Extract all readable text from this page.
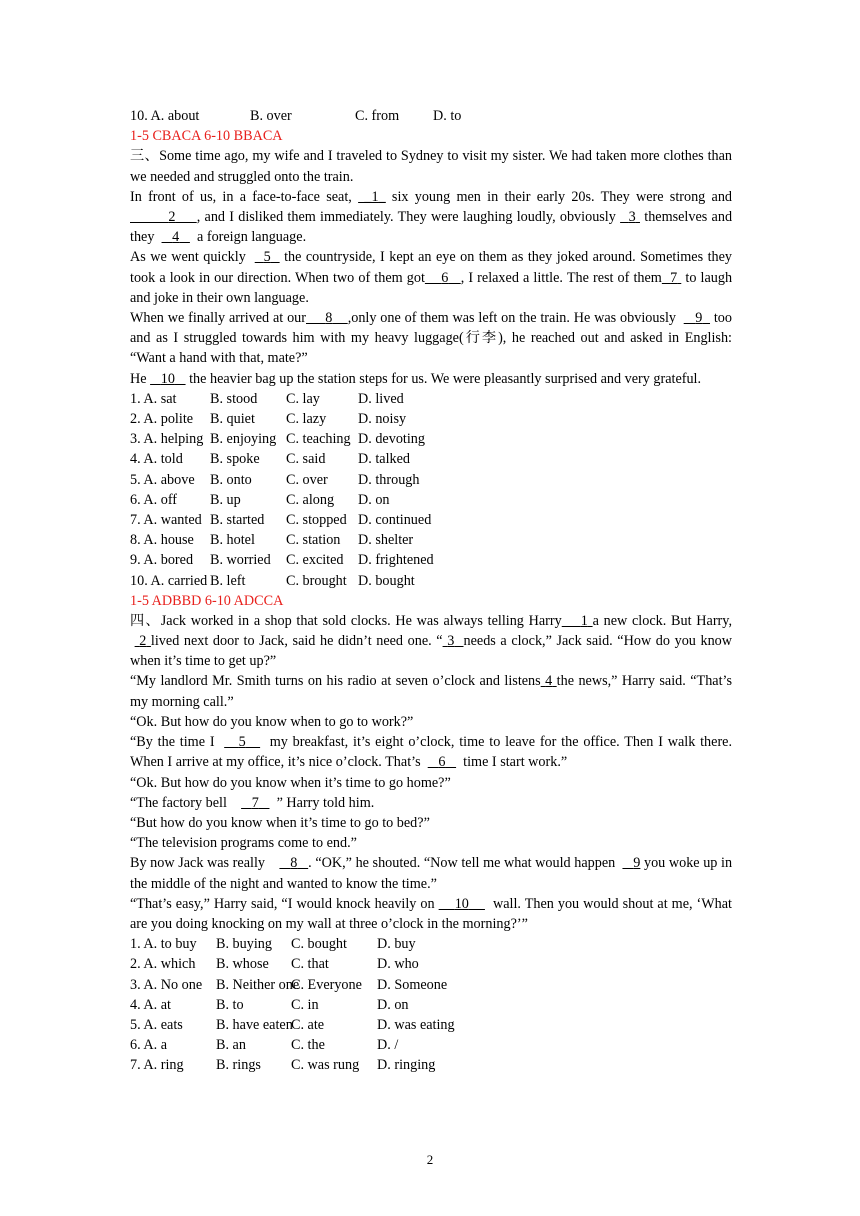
10. A. about	B. over	C. from D. to
1-5 CBACA 6-10 BBACA
三、Some time ago, my wife and I traveled to Sydney to visit my sister. We had taken more clothes than we needed and struggled onto the train.
In front of us, in a face-to-face seat,  _1_ six young men in their early 20s. They were strong and          2 , and I disliked them immediately. They were laughing loudly, obviously 3 themselves and they 4 a foreign language.
As we went quickly 5 the countryside, I kept an eye on them as they joked around. Sometimes they took a look in our direction. When two of them got 6 , I relaxed a little. The rest of them 7 to laugh and joke in their own language.
When we finally arrived at our 8 ,only one of them was left on the train. He was obviously 9 too and as I struggled towards him with my heavy luggage(行李), he reached out and asked in English: “Want a hand with that, mate?”
He 10 the heavier bag up the station steps for us. We were pleasantly surprised and very grateful.
1. A. sat B. stood C. lay	D. lived
2. A. polite B. quiet C. lazy D. noisy
3. A. helping B. enjoying C. teaching D. devoting
4. A. told B. spoke C. said D. talked
5. A. above B. onto C. over D. through
6. A. off B. up	C. along D. on
7. A. wanted B. started C. stopped D. continued
8. A. house B. hotel C. station D. shelter
9. A. bored B. worried C. excited D. frightened
10. A. carried B. left	C. brought D. bought
1-5 ADBBD 6-10 ADCCA
四、Jack worked in a shop that sold clocks. He was always telling Harry 1 a new clock. But Harry,   2 lived next door to Jack, said he didn’t need one. “ 3 needs a clock,” Jack said. “How do you know when it’s time to get up?”
“My landlord Mr. Smith turns on his radio at seven o’clock and listens 4 the news,” Harry said. “That’s my morning call.”
“Ok. But how do you know when to go to work?”
“By the time I 5 my breakfast, it’s eight o’clock, time to leave for the office. Then I walk there. When I arrive at my office, it’s nice o’clock. That’s 6 time I start work.”
“Ok. But how do you know when it’s time to go home?”
“The factory bell 7 ” Harry told him.
“But how do you know when it’s time to go to bed?”
“The television programs come to end.”
By now Jack was really 8 . “OK,” he shouted. “Now tell me what would happen 9 you woke up in the middle of the night and wanted to know the time.”
“That’s easy,” Harry said, “I would knock heavily on 10 wall. Then you would shout at me, ‘What are you doing knocking on my wall at three o’clock in the morning?’”
1. A. to buy B. buying C. bought D. buy
2. A. which B. whose C. that	D. who
3. A. No one B. Neither oneC. Everyone D. Someone
4. A. at	B. to	C. in	D. on
5. A. eats B. have eatenC. ate	D. was eating
6. A. a	B. an	C. the	D. /
7. A. ring B. rings C. was rung D. ringing
2
